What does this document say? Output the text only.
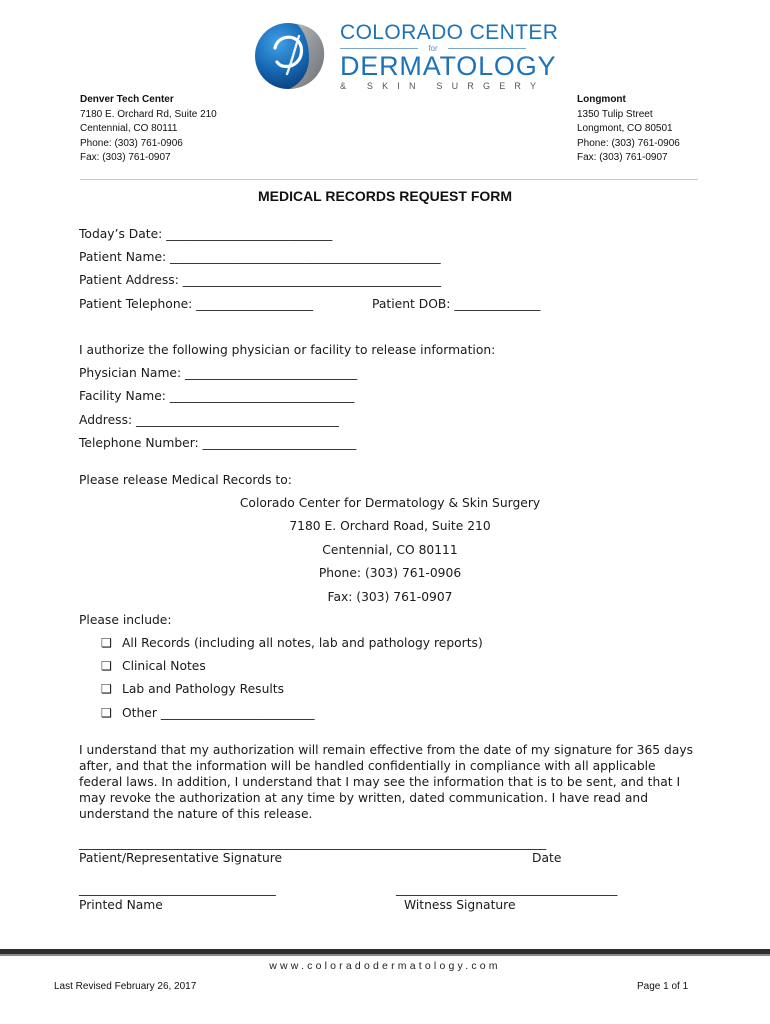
COLORADO CENTER
for
DERMATOLOGY
& SKIN SURGERY
Denver Tech Center
7180 E. Orchard Rd, Suite 210
Centennial, CO 80111
Phone: (303) 761-0906
Fax: (303) 761-0907
Longmont
1350 Tulip Street
Longmont, CO 80501
Phone: (303) 761-0906
Fax: (303) 761-0907
MEDICAL RECORDS REQUEST FORM
Today’s Date: ___________________________
Patient Name: ____________________________________________
Patient Address: __________________________________________
Patient Telephone: ___________________	Patient DOB: ______________
I authorize the following physician or facility to release information:
Physician Name: ____________________________
Facility Name: ______________________________
Address: _________________________________
Telephone Number: _________________________
Please release Medical Records to:
Colorado Center for Dermatology & Skin Surgery
7180 E. Orchard Road, Suite 210
Centennial, CO 80111
Phone: (303) 761-0906
Fax: (303) 761-0907
Please include:
❑ All Records (including all notes, lab and pathology reports)
❑ Clinical Notes
❑ Lab and Pathology Results
❑ Other _________________________
I understand that my authorization will remain effective from the date of my signature for 365 days after, and that the information will be handled confidentially in compliance with all applicable federal laws. In addition, I understand that I may see the information that is to be sent, and that I may revoke the authorization at any time by written, dated communication. I have read and understand the nature of this release.
____________________________________________________________________________
Patient/Representative Signature	Date
________________________________	____________________________________
Printed Name	Witness Signature
www.coloradodermatology.com
Last Revised February 26, 2017	Page 1 of 1
